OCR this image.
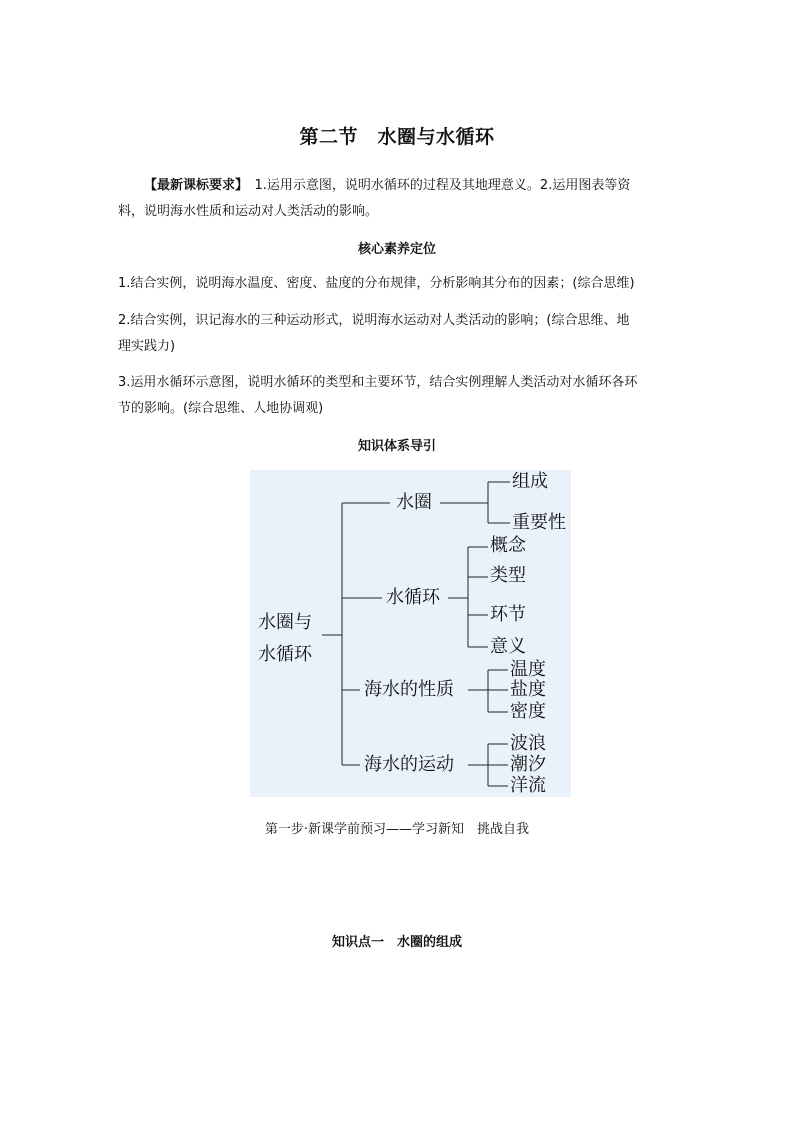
第二节　水圈与水循环
【最新课标要求】　1.运用示意图，说明水循环的过程及其地理意义。2.运用图表等资
料，说明海水性质和运动对人类活动的影响。
核心素养定位
1.结合实例，说明海水温度、密度、盐度的分布规律，分析影响其分布的因素；(综合思维)
2.结合实例，识记海水的三种运动形式，说明海水运动对人类活动的影响；(综合思维、地
理实践力)
3.运用水循环示意图，说明水循环的类型和主要环节，结合实例理解人类活动对水循环各环
节的影响。(综合思维、人地协调观)
知识体系导引
水圈与
水循环
水圈
组成
重要性
水循环
概念
类型
环节
意义
海水的性质
温度
盐度
密度
海水的运动
波浪
潮汐
洋流
第一步·新课学前预习——学习新知　挑战自我
知识点一　水圈的组成
